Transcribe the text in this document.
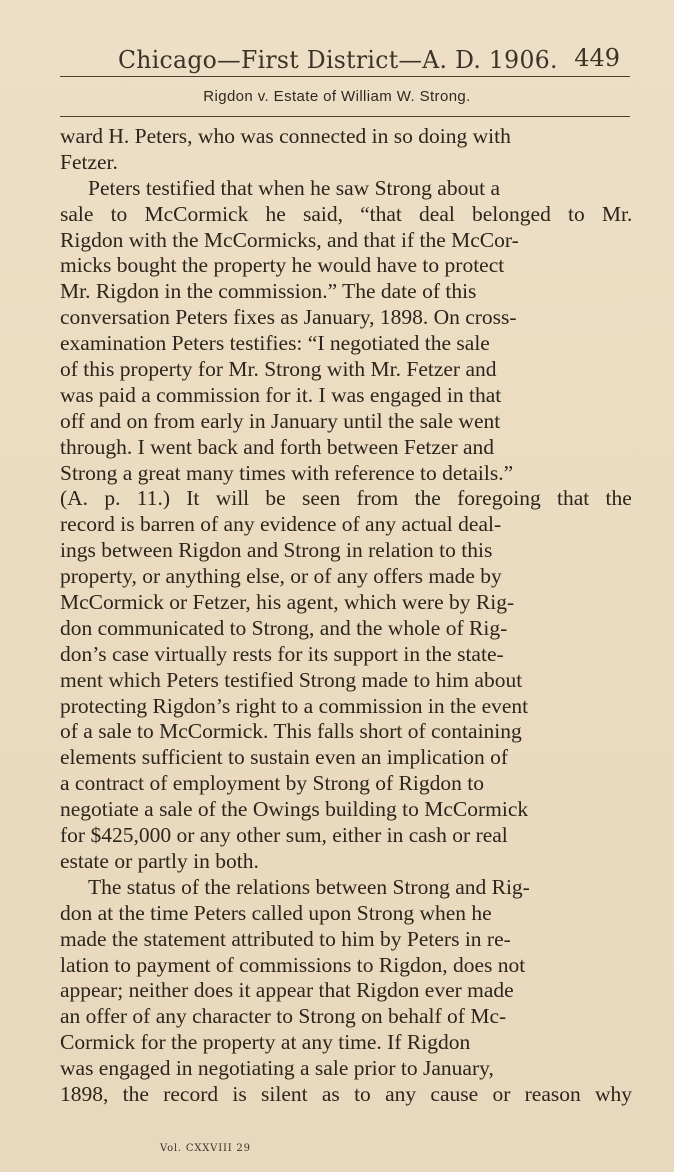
Chicago—First District—A. D. 1906. 449
Rigdon v. Estate of William W. Strong.
ward H. Peters, who was connected in so doing with
Fetzer.
Peters testified that when he saw Strong about a
sale to McCormick he said, “that deal belonged to Mr.
Rigdon with the McCormicks, and that if the McCor-
micks bought the property he would have to protect
Mr. Rigdon in the commission.” The date of this
conversation Peters fixes as January, 1898. On cross-
examination Peters testifies: “I negotiated the sale
of this property for Mr. Strong with Mr. Fetzer and
was paid a commission for it. I was engaged in that
off and on from early in January until the sale went
through. I went back and forth between Fetzer and
Strong a great many times with reference to details.”
(A. p. 11.) It will be seen from the foregoing that the
record is barren of any evidence of any actual deal-
ings between Rigdon and Strong in relation to this
property, or anything else, or of any offers made by
McCormick or Fetzer, his agent, which were by Rig-
don communicated to Strong, and the whole of Rig-
don’s case virtually rests for its support in the state-
ment which Peters testified Strong made to him about
protecting Rigdon’s right to a commission in the event
of a sale to McCormick. This falls short of containing
elements sufficient to sustain even an implication of
a contract of employment by Strong of Rigdon to
negotiate a sale of the Owings building to McCormick
for $425,000 or any other sum, either in cash or real
estate or partly in both.
The status of the relations between Strong and Rig-
don at the time Peters called upon Strong when he
made the statement attributed to him by Peters in re-
lation to payment of commissions to Rigdon, does not
appear; neither does it appear that Rigdon ever made
an offer of any character to Strong on behalf of Mc-
Cormick for the property at any time. If Rigdon
was engaged in negotiating a sale prior to January,
1898, the record is silent as to any cause or reason why
Vol. CXXVIII 29
